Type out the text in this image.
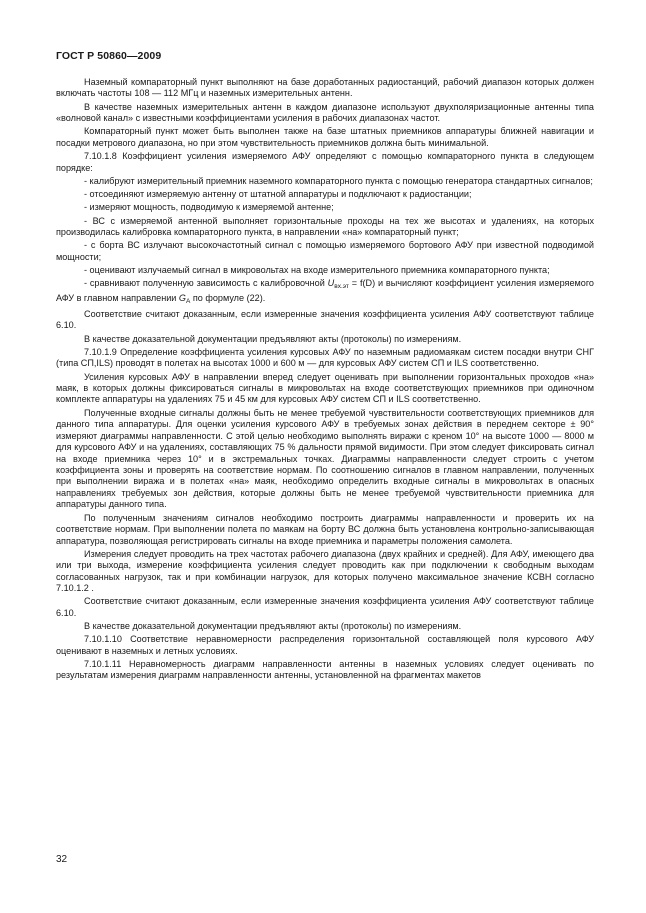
ГОСТ Р 50860—2009

Наземный компараторный пункт выполняют на базе доработанных радиостанций, рабочий диапазон которых должен включать частоты 108 — 112 МГц и наземных измерительных антенн.

В качестве наземных измерительных антенн в каждом диапазоне используют двухполяризационные антенны типа «волновой канал» с известными коэффициентами усиления в рабочих диапазонах частот.

Компараторный пункт может быть выполнен также на базе штатных приемников аппаратуры ближней навигации и посадки метрового диапазона, но при этом чувствительность приемников должна быть минимальной.

7.10.1.8 Коэффициент усиления измеряемого АФУ определяют с помощью компараторного пункта в следующем порядке:

- калибруют измерительный приемник наземного компараторного пункта с помощью генератора стандартных сигналов;

- отсоединяют измеряемую антенну от штатной аппаратуры и подключают к радиостанции;

- измеряют мощность, подводимую к измеряемой антенне;

- ВС с измеряемой антенной выполняет горизонтальные проходы на тех же высотах и удалениях, на которых производилась калибровка компараторного пункта, в направлении «на» компараторный пункт;

- с борта ВС излучают высокочастотный сигнал с помощью измеряемого бортового АФУ при известной подводимой мощности;

- оценивают излучаемый сигнал в микровольтах на входе измерительного приемника компараторного пункта;

- сравнивают полученную зависимость с калибровочной $U_{вх.эт} = f(D)$ и вычисляют коэффициент усиления измеряемого АФУ в главном направлении $G_A$ по формуле (22).

Соответствие считают доказанным, если измеренные значения коэффициента усиления АФУ соответствуют таблице 6.10.

В качестве доказательной документации предъявляют акты (протоколы) по измерениям.

7.10.1.9 Определение коэффициента усиления курсовых АФУ по наземным радиомаякам систем посадки внутри СНГ (типа СП,ILS) проводят в полетах на высотах 1000 и 600 м — для курсовых АФУ систем СП и ILS соответственно.

Усиления курсовых АФУ в направлении вперед следует оценивать при выполнении горизонтальных проходов «на» маяк, в которых должны фиксироваться сигналы в микровольтах на входе соответствующих приемников при одиночном комплекте аппаратуры на удалениях 75 и 45 км для курсовых АФУ систем СП и ILS соответственно.

Полученные входные сигналы должны быть не менее требуемой чувствительности соответствующих приемников для данного типа аппаратуры. Для оценки усиления курсового АФУ в требуемых зонах действия в переднем секторе ± 90° измеряют диаграммы направленности. С этой целью необходимо выполнять виражи с креном 10° на высоте 1000 — 8000 м для курсового АФУ и на удалениях, составляющих 75 % дальности прямой видимости. При этом следует фиксировать сигнал на входе приемника через 10° и в экстремальных точках. Диаграммы направленности следует строить с учетом коэффициента зоны и проверять на соответствие нормам. По соотношению сигналов в главном направлении, полученных при выполнении виража и в полетах «на» маяк, необходимо определить входные сигналы в микровольтах в опасных направлениях требуемых зон действия, которые должны быть не менее требуемой чувствительности приемника для аппаратуры данного типа.

По полученным значениям сигналов необходимо построить диаграммы направленности и проверить их на соответствие нормам. При выполнении полета по маякам на борту ВС должна быть установлена контрольно-записывающая аппаратура, позволяющая регистрировать сигналы на входе приемника и параметры положения самолета.

Измерения следует проводить на трех частотах рабочего диапазона (двух крайних и средней). Для АФУ, имеющего два или три выхода, измерение коэффициента усиления следует проводить как при подключении к свободным выходам согласованных нагрузок, так и при комбинации нагрузок, для которых получено максимальное значение КСВН согласно 7.10.1.2 .

Соответствие считают доказанным, если измеренные значения коэффициента усиления АФУ соответствуют таблице 6.10.

В качестве доказательной документации предъявляют акты (протоколы) по измерениям.

7.10.1.10 Соответствие неравномерности распределения горизонтальной составляющей поля курсового АФУ оценивают в наземных и летных условиях.

7.10.1.11 Неравномерность диаграмм направленности антенны в наземных условиях следует оценивать по результатам измерения диаграмм направленности антенны, установленной на фрагментах макетов

32
